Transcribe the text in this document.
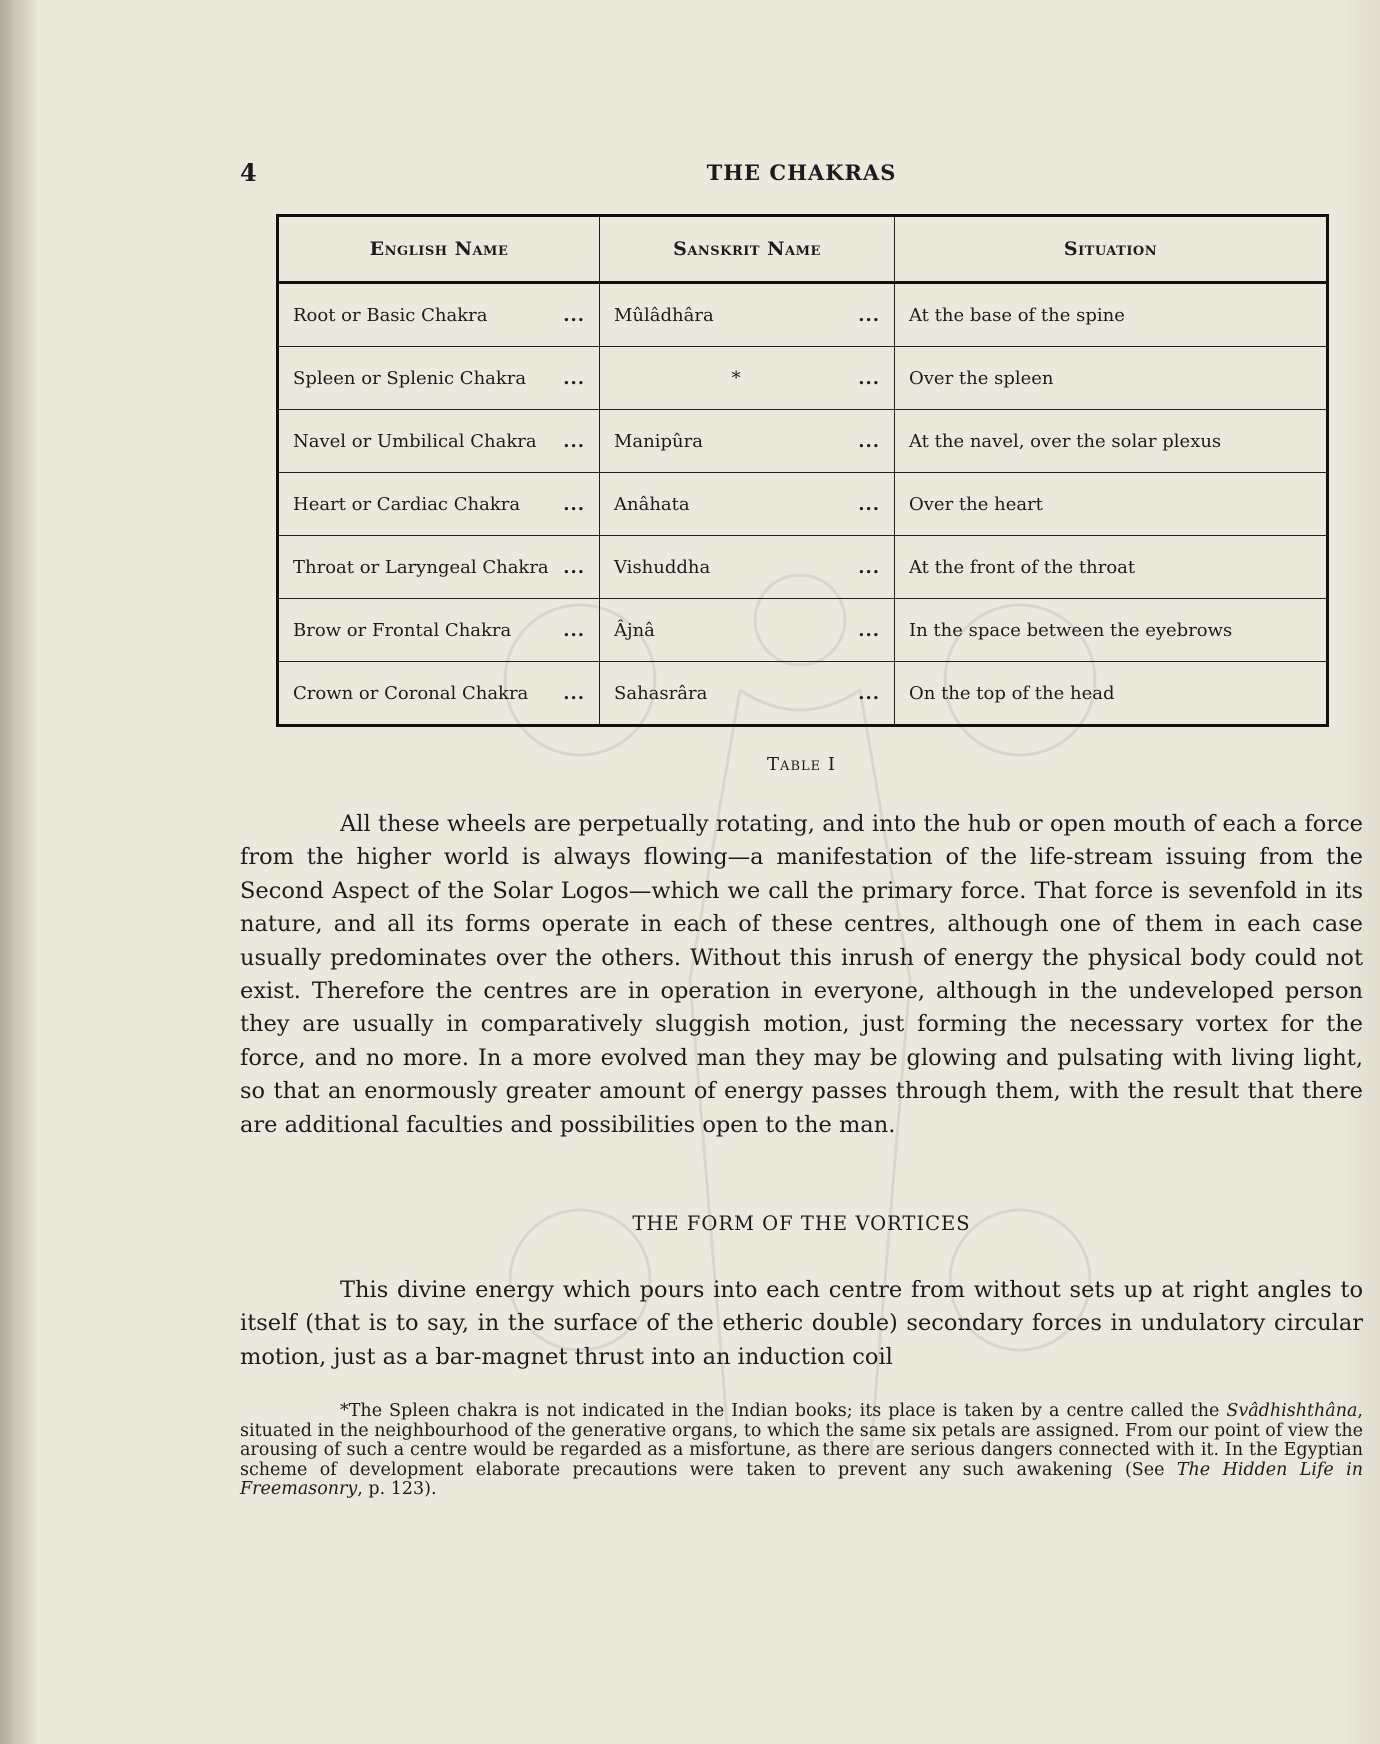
4	THE CHAKRAS
English Name	Sanskrit Name	Situation

Root or Basic Chakra ...	Mûlâdhâra ...	At the base of the spine

Spleen or Splenic Chakra ...	* ...	Over the spleen

Navel or Umbilical Chakra ...	Manipûra ...	At the navel, over the solar plexus

Heart or Cardiac Chakra ...	Anâhata ...	Over the heart

Throat or Laryngeal Chakra ...	Vishuddha ...	At the front of the throat

Brow or Frontal Chakra ...	Âjnâ ...	In the space between the eyebrows

Crown or Coronal Chakra ...	Sahasrâra ...	On the top of the head
Table I

All these wheels are perpetually rotating, and into the hub or open mouth of each a force from the higher world is always flowing—a manifestation of the life-stream issuing from the Second Aspect of the Solar Logos—which we call the primary force. That force is sevenfold in its nature, and all its forms operate in each of these centres, although one of them in each case usually predominates over the others. Without this inrush of energy the physical body could not exist. Therefore the centres are in operation in everyone, although in the undeveloped person they are usually in comparatively sluggish motion, just forming the necessary vortex for the force, and no more. In a more evolved man they may be glowing and pulsating with living light, so that an enormously greater amount of energy passes through them, with the result that there are additional faculties and possibilities open to the man.

THE FORM OF THE VORTICES

This divine energy which pours into each centre from without sets up at right angles to itself (that is to say, in the surface of the etheric double) secondary forces in undulatory circular motion, just as a bar-magnet thrust into an induction coil

*The Spleen chakra is not indicated in the Indian books; its place is taken by a centre called the Svâdhishthâna, situated in the neighbourhood of the generative organs, to which the same six petals are assigned. From our point of view the arousing of such a centre would be regarded as a misfortune, as there are serious dangers connected with it. In the Egyptian scheme of development elaborate precautions were taken to prevent any such awakening (See The Hidden Life in Freemasonry, p. 123).
